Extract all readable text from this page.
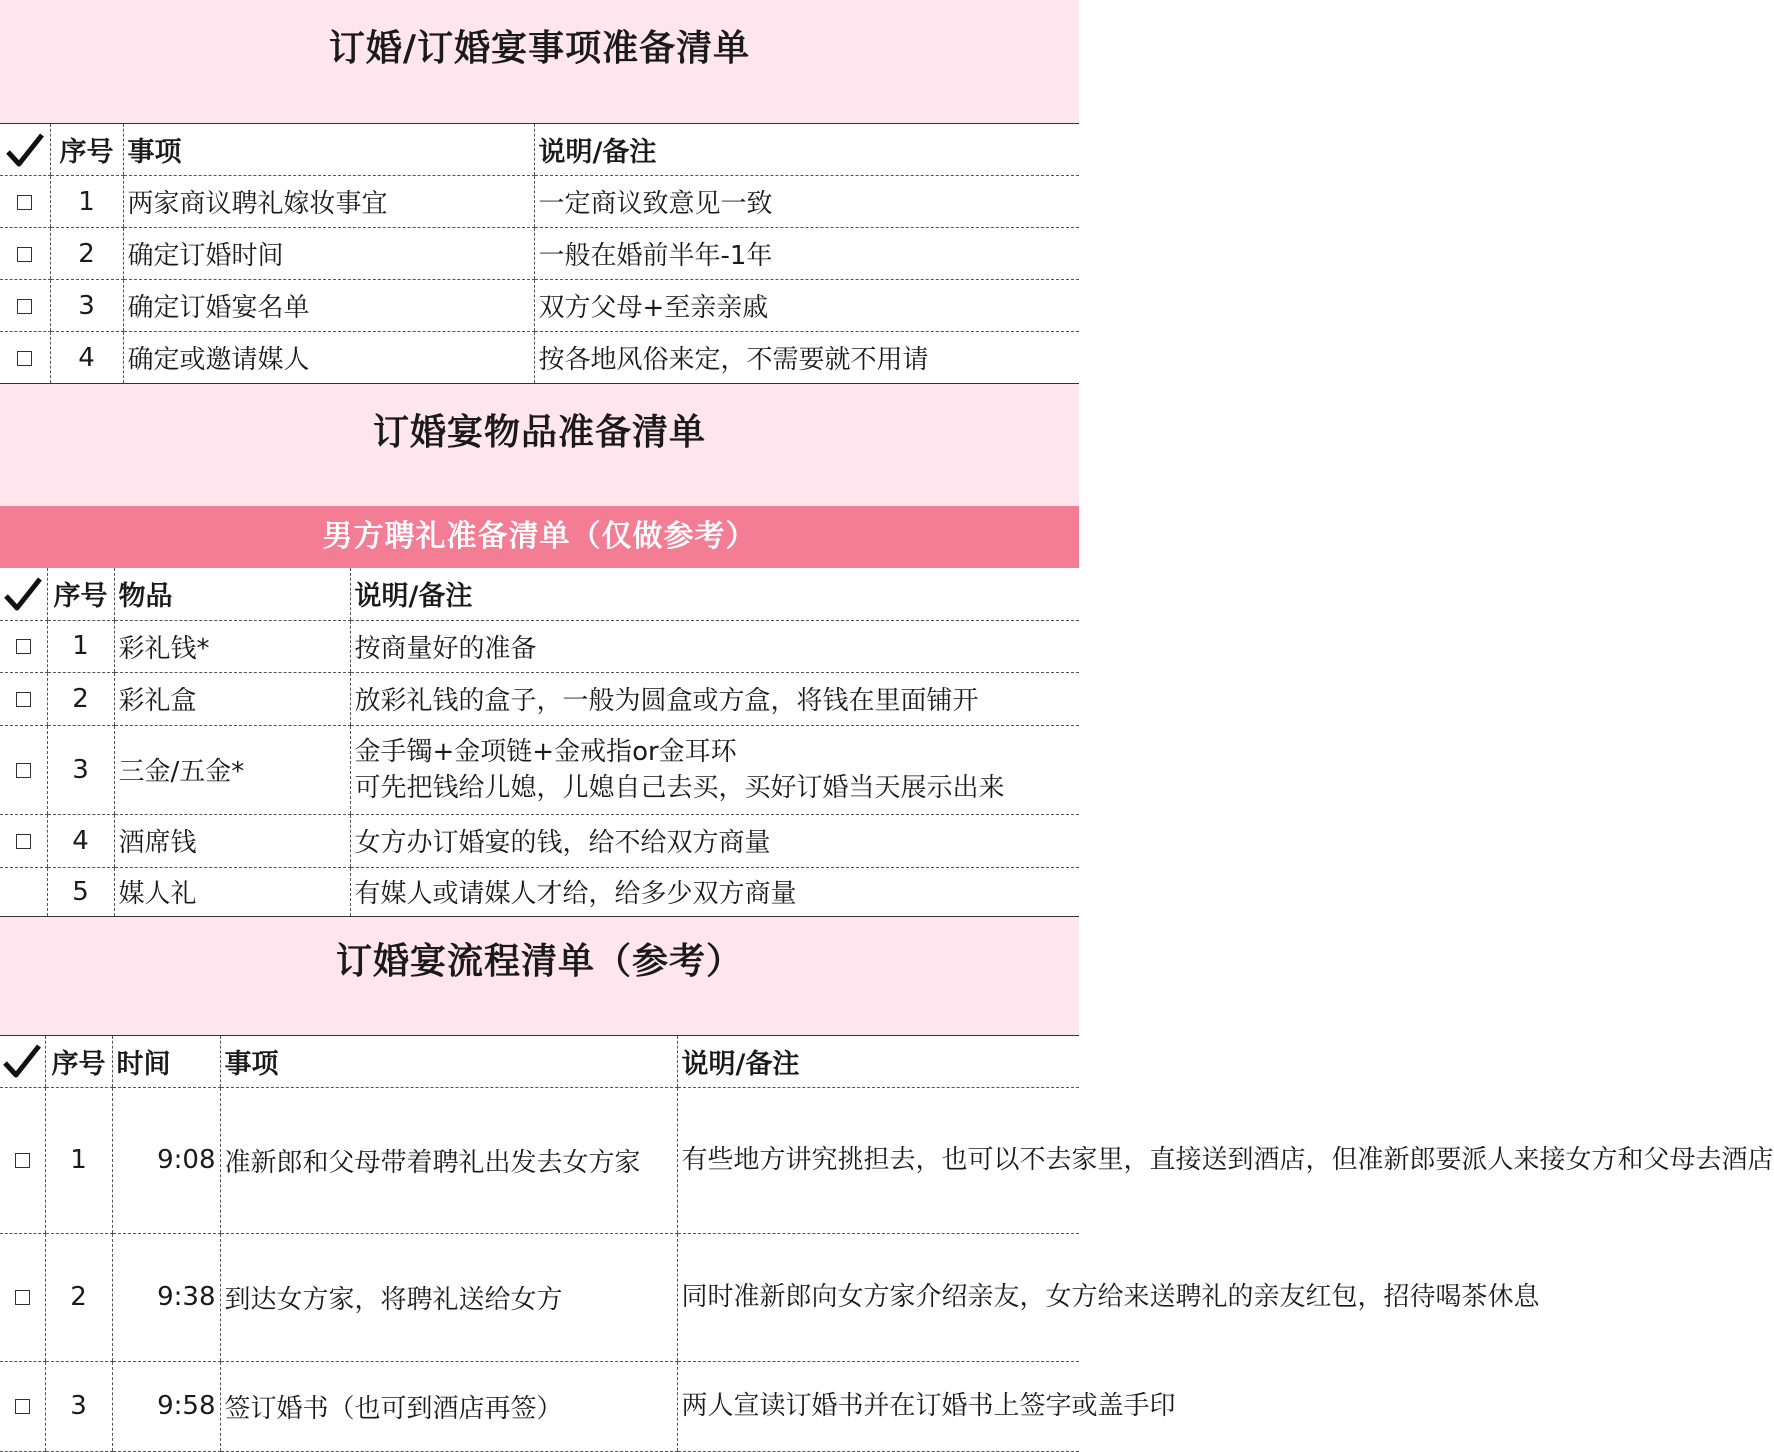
订婚/订婚宴事项准备清单
	序号	事项	说明/备注
	1	两家商议聘礼嫁妆事宜	一定商议致意见一致
	2	确定订婚时间	一般在婚前半年-1年
	3	确定订婚宴名单	双方父母+至亲亲戚
	4	确定或邀请媒人	按各地风俗来定，不需要就不用请
订婚宴物品准备清单
男方聘礼准备清单（仅做参考）
	序号	物品	说明/备注
	1	彩礼钱*	按商量好的准备
	2	彩礼盒	放彩礼钱的盒子，一般为圆盒或方盒，将钱在里面铺开
	3	三金/五金*	金手镯+金项链+金戒指or金耳环
可先把钱给儿媳，儿媳自己去买，买好订婚当天展示出来

	4	酒席钱	女方办订婚宴的钱，给不给双方商量
	5	媒人礼	有媒人或请媒人才给，给多少双方商量
订婚宴流程清单（参考）
	序号	时间	事项	说明/备注
	1	9:08	准新郎和父母带着聘礼出发去女方家	有些地方讲究挑担去，也可以不去家里，直接送到酒店，但准新郎要派人来接女方和父母去酒店
	2	9:38	到达女方家，将聘礼送给女方	同时准新郎向女方家介绍亲友，女方给来送聘礼的亲友红包，招待喝茶休息
	3	9:58	签订婚书（也可到酒店再签）	两人宣读订婚书并在订婚书上签字或盖手印
